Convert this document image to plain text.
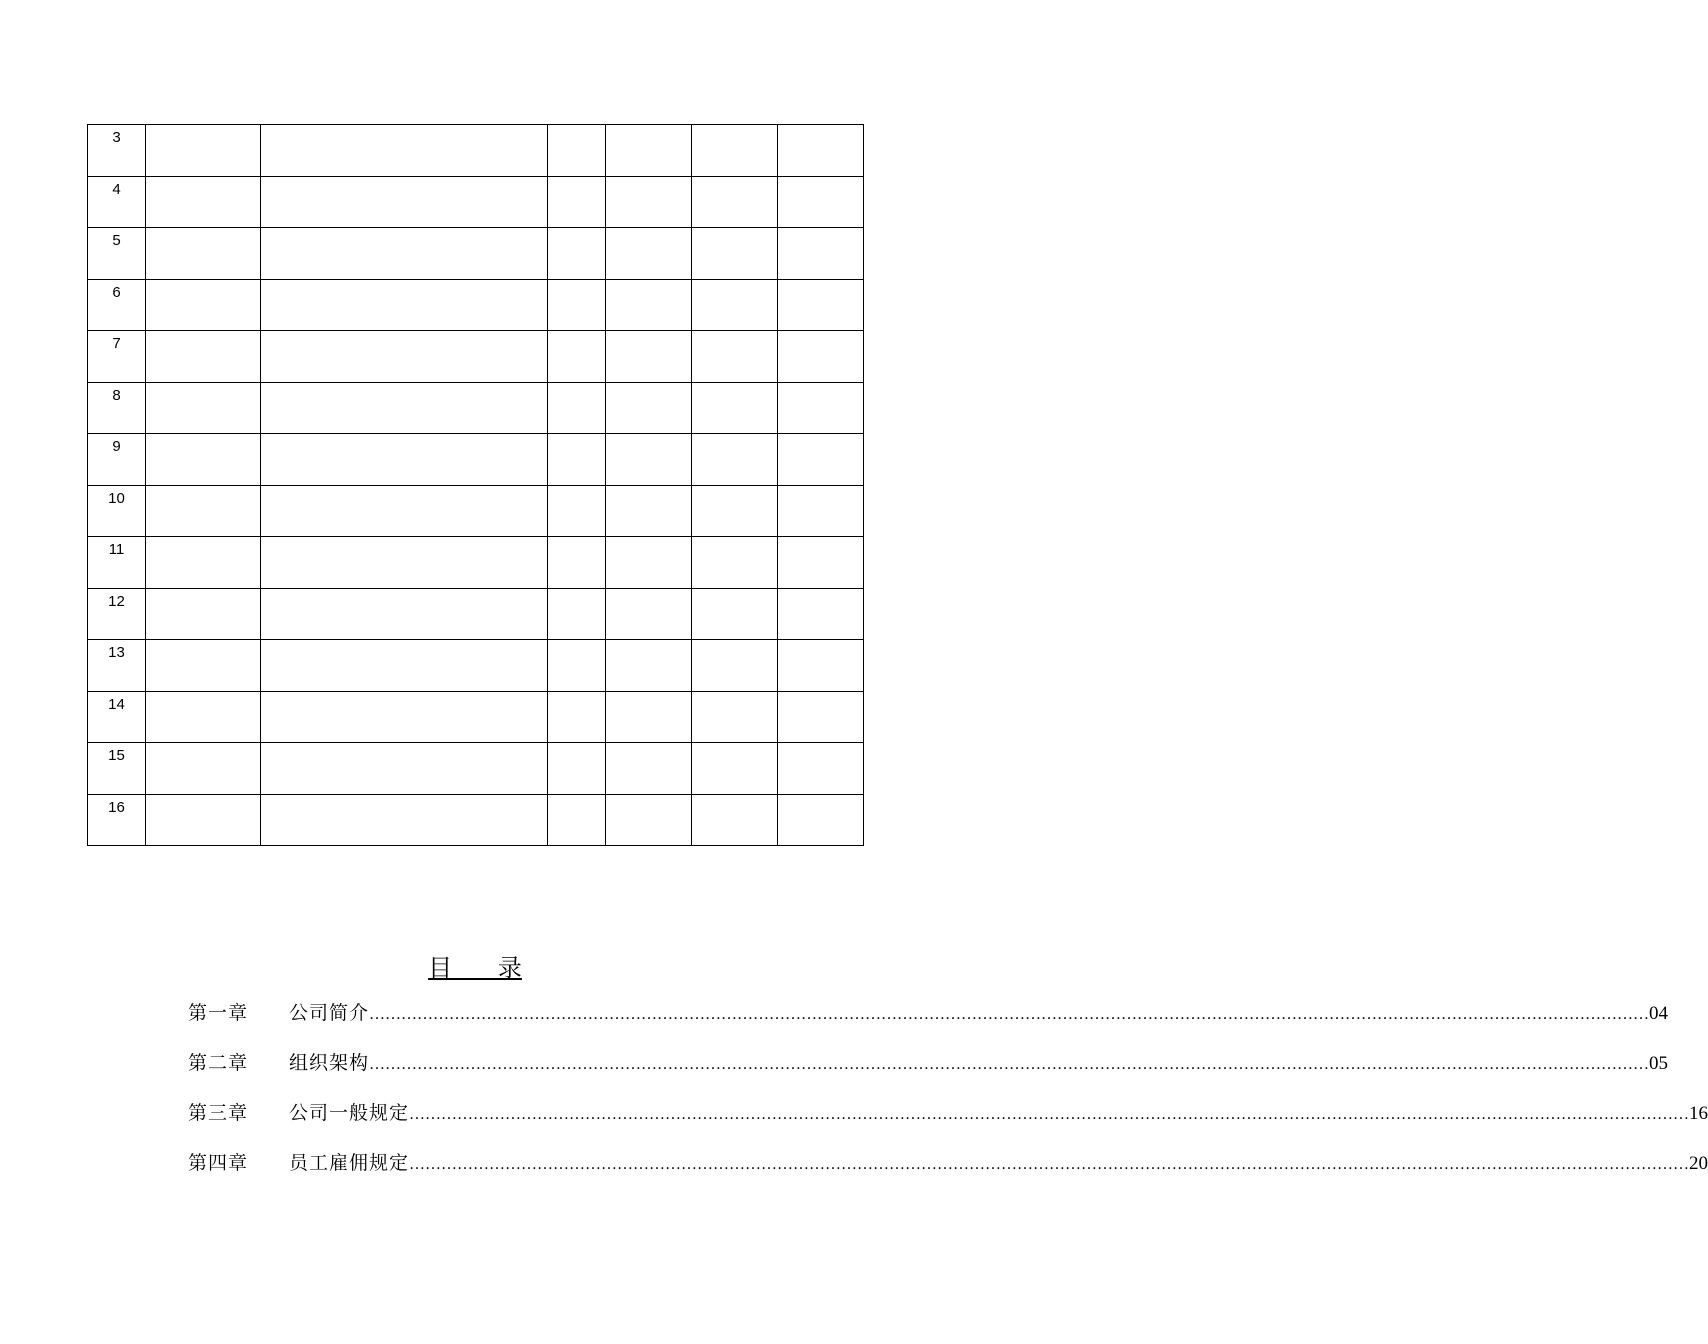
3						
4						
5						
6						
7						
8						
9						
10						
11						
12						
13						
14						
15						
16						
目      录
第一章	公司简介 …………………………………………………………………………………………………………………………………………………………………………………………………………………… 04
第二章	组织架构 …………………………………………………………………………………………………………………………………………………………………………………………………………………… 05
第三章	公司一般规定 …………………………………………………………………………………………………………………………………………………………………………………………………………………… 16
第四章	员工雇佣规定 …………………………………………………………………………………………………………………………………………………………………………………………………………………… 20
